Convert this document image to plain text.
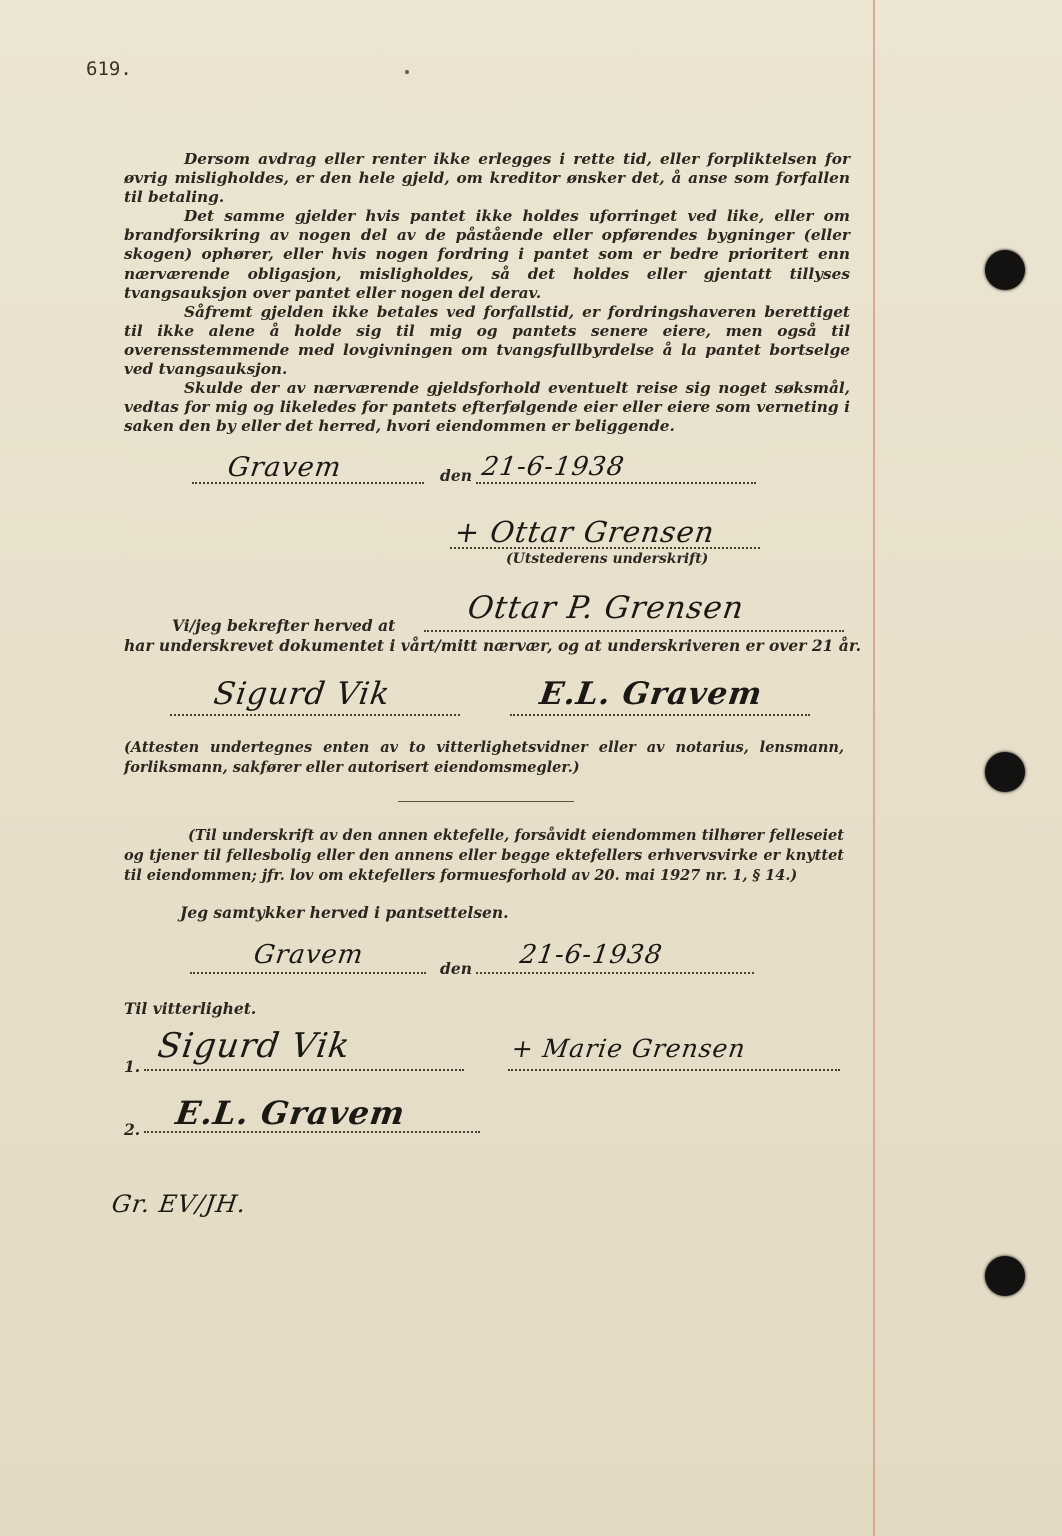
619.

Dersom avdrag eller renter ikke erlegges i rette tid, eller forpliktelsen for øvrig misligholdes, er den hele gjeld, om kreditor ønsker det, å anse som forfallen til betaling.

Det samme gjelder hvis pantet ikke holdes uforringet ved like, eller om brandforsikring av nogen del av de påstående eller opførendes bygninger (eller skogen) ophører, eller hvis nogen fordring i pantet som er bedre prioritert enn nærværende obligasjon, misligholdes, så det holdes eller gjentatt tillyses tvangsauksjon over pantet eller nogen del derav.

Såfremt gjelden ikke betales ved forfallstid, er fordringshaveren berettiget til ikke alene å holde sig til mig og pantets senere eiere, men også til overensstemmende med lovgivningen om tvangsfullbyrdelse å la pantet bortselge ved tvangsauksjon.

Skulde der av nærværende gjeldsforhold eventuelt reise sig noget søksmål, vedtas for mig og likeledes for pantets efterfølgende eier eller eiere som verneting i saken den by eller det herred, hvori eiendommen er beliggende.

Gravem	den 21-6-1938
+ Ottar Grensen
(Utstederens underskrift)
Vi/jeg bekrefter herved at Ottar P. Grensen
har underskrevet dokumentet i vårt/mitt nærvær, og at underskriveren er over 21 år.
Sigurd Vik	E.L. Gravem
(Attesten undertegnes enten av to vitterlighetsvidner eller av notarius, lensmann, forliksmann, sakfører eller autorisert eiendomsmegler.)
(Til underskrift av den annen ektefelle, forsåvidt eiendommen tilhører felleseiet og tjener til fellesbolig eller den annens eller begge ektefellers erhvervsvirke er knyttet til eiendommen; jfr. lov om ektefellers formuesforhold av 20. mai 1927 nr. 1, § 14.)
Jeg samtykker herved i pantsettelsen.
Gravem	den 21-6-1938
Til vitterlighet.
1.
Sigurd Vik	+ Marie Grensen
2. E.L. Gravem
Gr. EV/JH.
